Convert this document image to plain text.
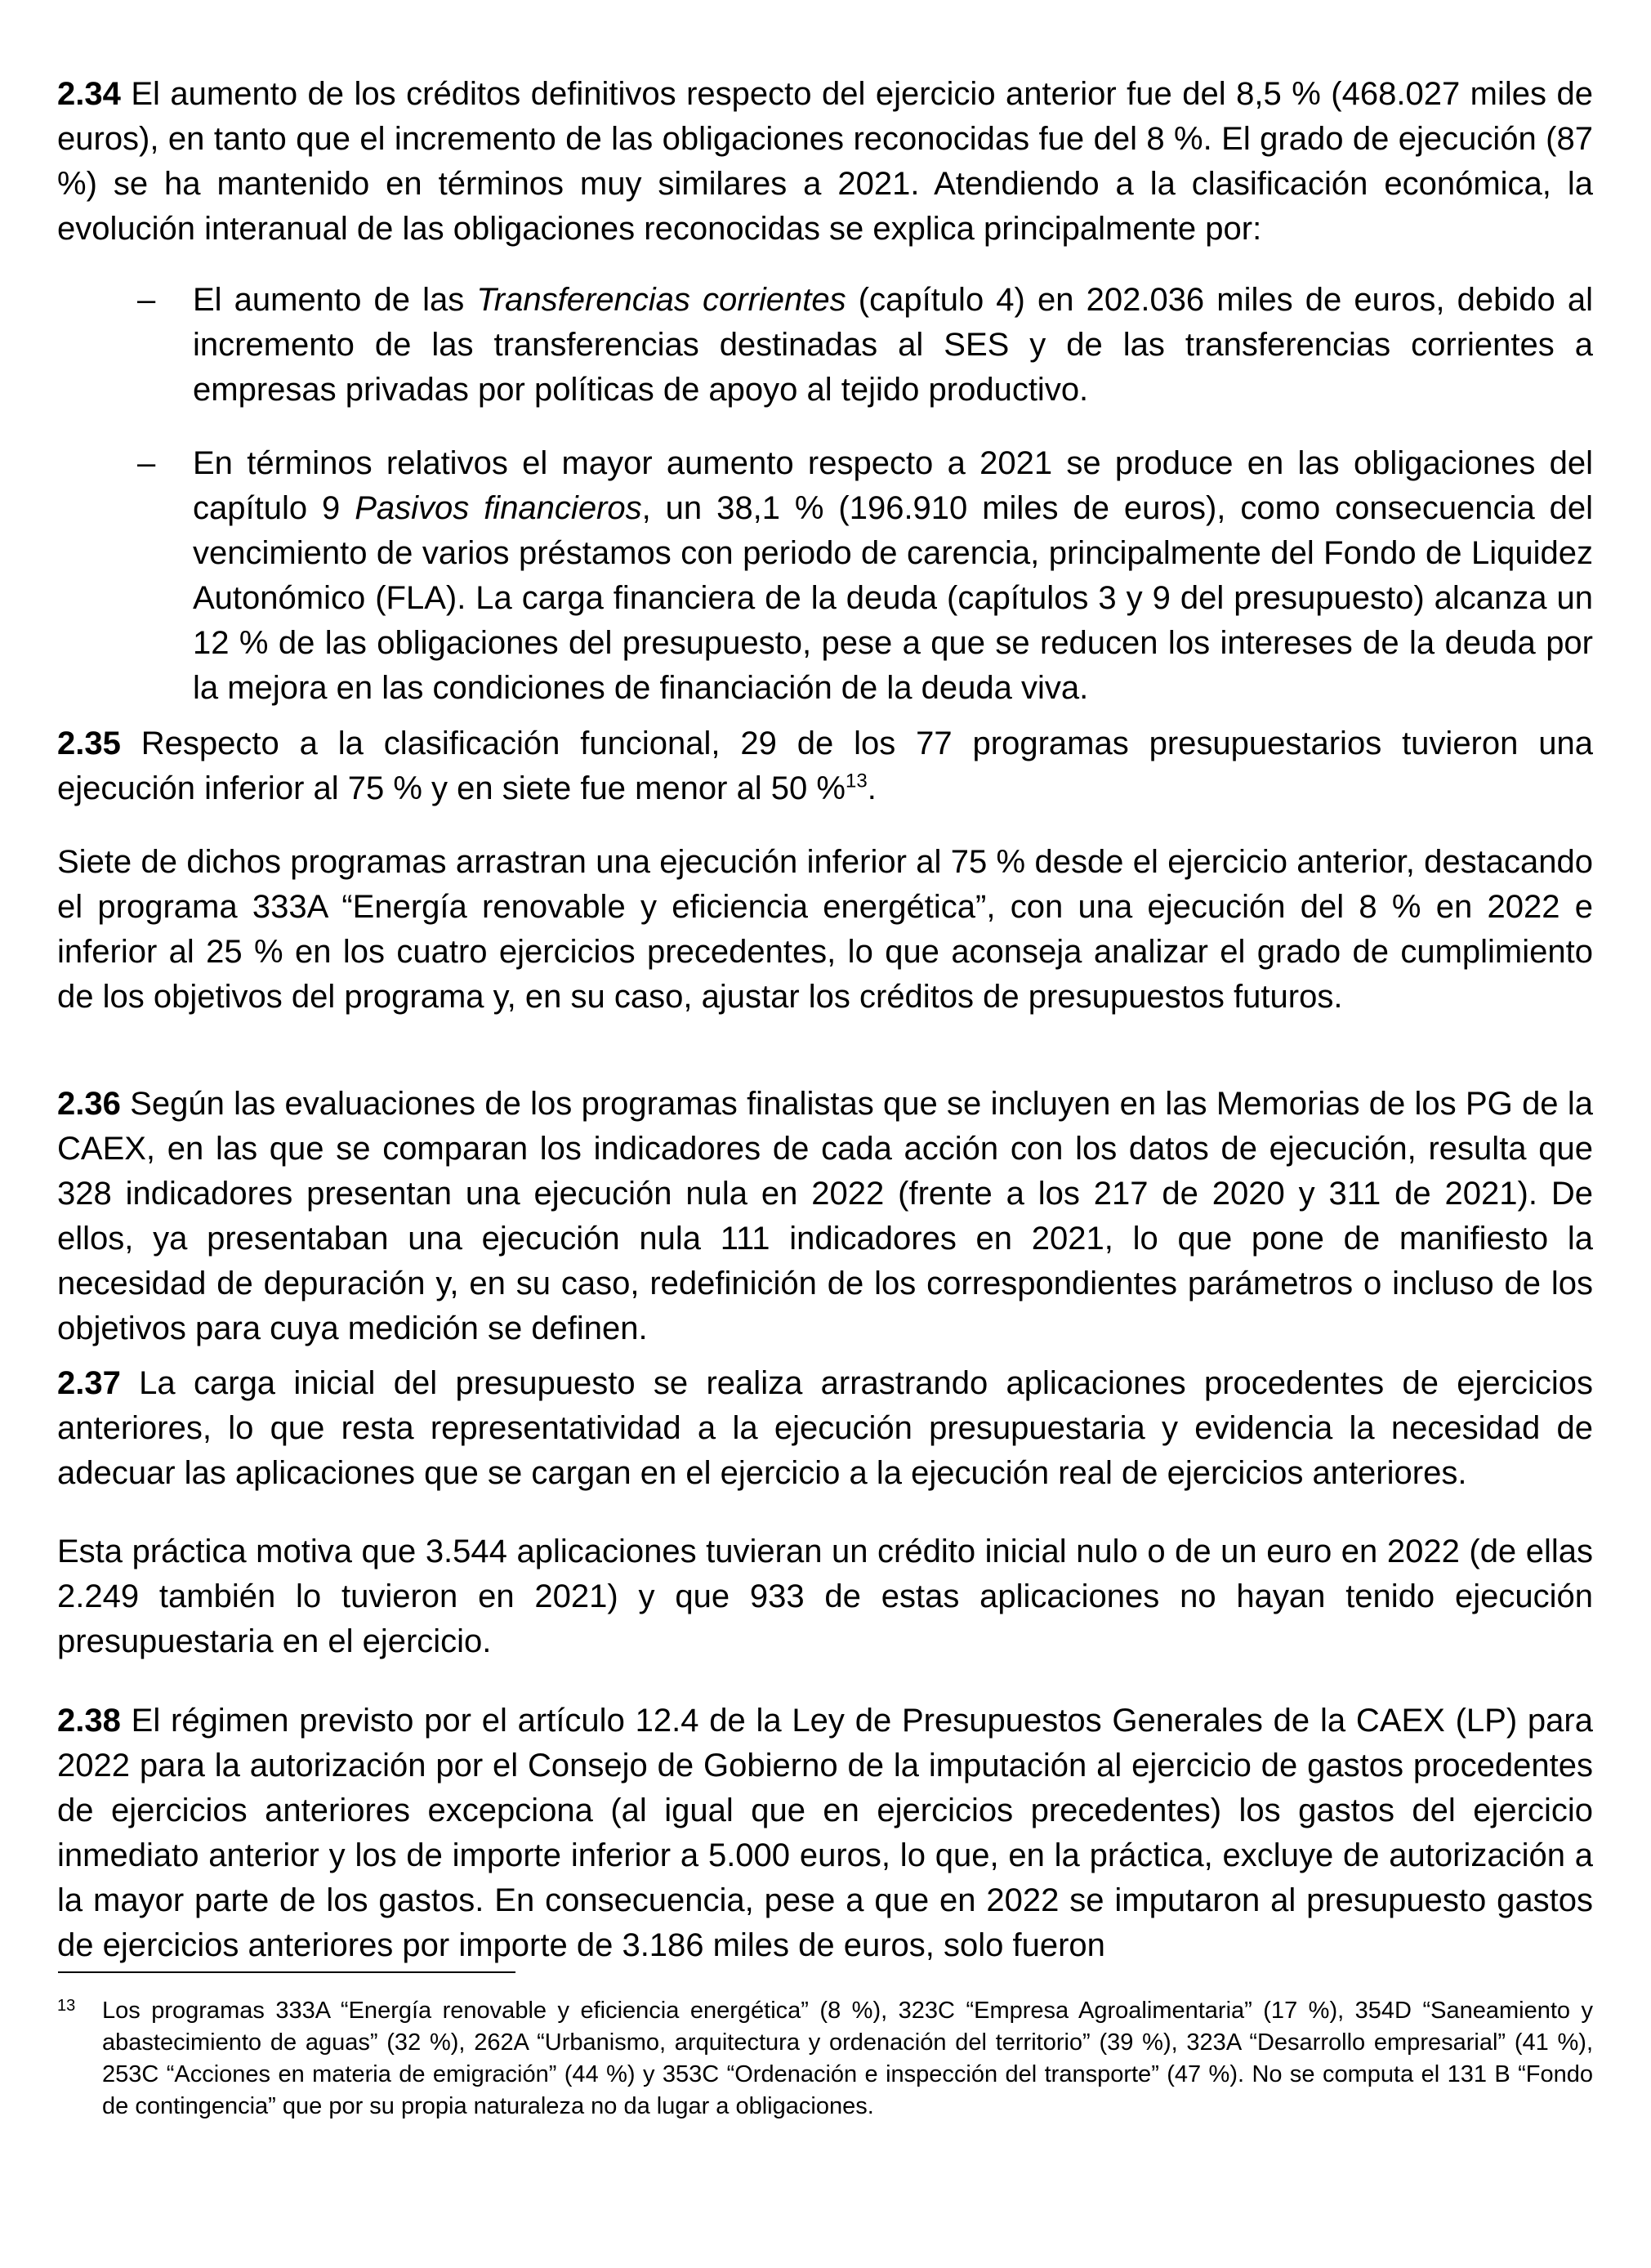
2.34 El aumento de los créditos definitivos respecto del ejercicio anterior fue del 8,5 % (468.027 miles de euros), en tanto que el incremento de las obligaciones reconocidas fue del 8 %. El grado de ejecución (87 %) se ha mantenido en términos muy similares a 2021. Atendiendo a la clasificación económica, la evolución interanual de las obligaciones reconocidas se explica principalmente por:

– El aumento de las Transferencias corrientes (capítulo 4) en 202.036 miles de euros, debido al incremento de las transferencias destinadas al SES y de las transferencias corrientes a empresas privadas por políticas de apoyo al tejido productivo.
– En términos relativos el mayor aumento respecto a 2021 se produce en las obligaciones del capítulo 9 Pasivos financieros, un 38,1 % (196.910 miles de euros), como consecuencia del vencimiento de varios préstamos con periodo de carencia, principalmente del Fondo de Liquidez Autonómico (FLA). La carga financiera de la deuda (capítulos 3 y 9 del presupuesto) alcanza un 12 % de las obligaciones del presupuesto, pese a que se reducen los intereses de la deuda por la mejora en las condiciones de financiación de la deuda viva.

2.35 Respecto a la clasificación funcional, 29 de los 77 programas presupuestarios tuvieron una ejecución inferior al 75 % y en siete fue menor al 50 %$^{13}$.

Siete de dichos programas arrastran una ejecución inferior al 75 % desde el ejercicio anterior, destacando el programa 333A “Energía renovable y eficiencia energética”, con una ejecución del 8 % en 2022 e inferior al 25 % en los cuatro ejercicios precedentes, lo que aconseja analizar el grado de cumplimiento de los objetivos del programa y, en su caso, ajustar los créditos de presupuestos futuros.

2.36 Según las evaluaciones de los programas finalistas que se incluyen en las Memorias de los PG de la CAEX, en las que se comparan los indicadores de cada acción con los datos de ejecución, resulta que 328 indicadores presentan una ejecución nula en 2022 (frente a los 217 de 2020 y 311 de 2021). De ellos, ya presentaban una ejecución nula 111 indicadores en 2021, lo que pone de manifiesto la necesidad de depuración y, en su caso, redefinición de los correspondientes parámetros o incluso de los objetivos para cuya medición se definen.

2.37 La carga inicial del presupuesto se realiza arrastrando aplicaciones procedentes de ejercicios anteriores, lo que resta representatividad a la ejecución presupuestaria y evidencia la necesidad de adecuar las aplicaciones que se cargan en el ejercicio a la ejecución real de ejercicios anteriores.

Esta práctica motiva que 3.544 aplicaciones tuvieran un crédito inicial nulo o de un euro en 2022 (de ellas 2.249 también lo tuvieron en 2021) y que 933 de estas aplicaciones no hayan tenido ejecución presupuestaria en el ejercicio.

2.38 El régimen previsto por el artículo 12.4 de la Ley de Presupuestos Generales de la CAEX (LP) para 2022 para la autorización por el Consejo de Gobierno de la imputación al ejercicio de gastos procedentes de ejercicios anteriores excepciona (al igual que en ejercicios precedentes) los gastos del ejercicio inmediato anterior y los de importe inferior a 5.000 euros, lo que, en la práctica, excluye de autorización a la mayor parte de los gastos. En consecuencia, pese a que en 2022 se imputaron al presupuesto gastos de ejercicios anteriores por importe de 3.186 miles de euros, solo fueron

13 Los programas 333A “Energía renovable y eficiencia energética” (8 %), 323C “Empresa Agroalimentaria” (17 %), 354D “Saneamiento y abastecimiento de aguas” (32 %), 262A “Urbanismo, arquitectura y ordenación del territorio” (39 %), 323A “Desarrollo empresarial” (41 %), 253C “Acciones en materia de emigración” (44 %) y 353C “Ordenación e inspección del transporte” (47 %). No se computa el 131 B “Fondo de contingencia” que por su propia naturaleza no da lugar a obligaciones.
